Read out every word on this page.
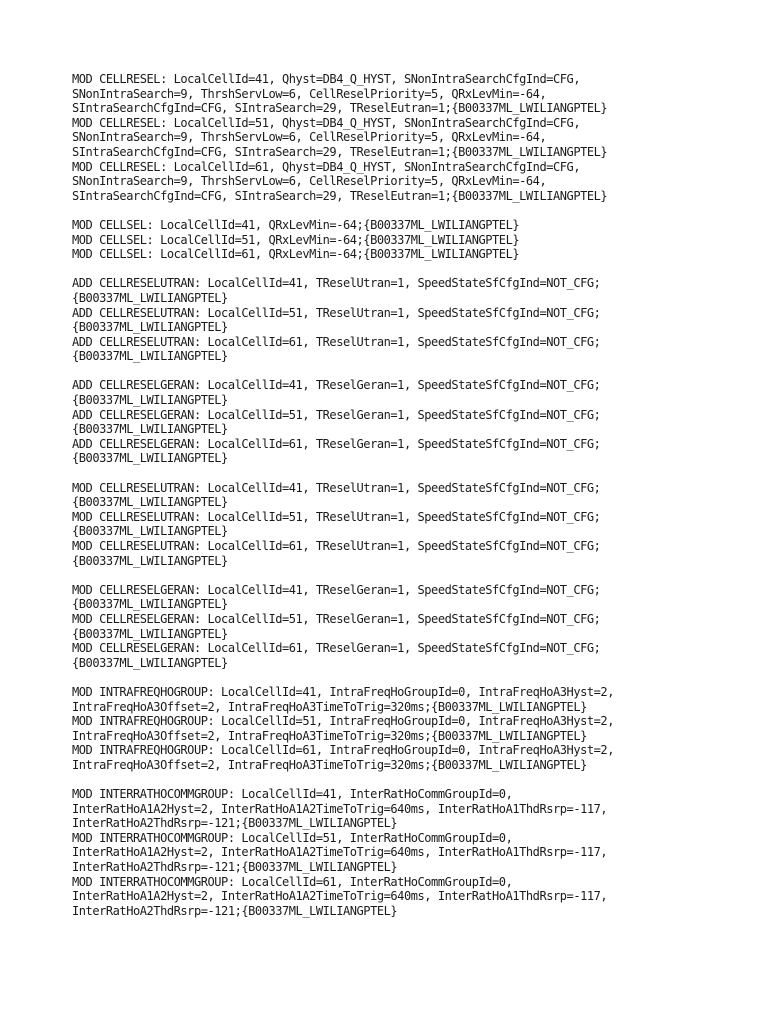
MOD CELLRESEL: LocalCellId=41, Qhyst=DB4_Q_HYST, SNonIntraSearchCfgInd=CFG,
SNonIntraSearch=9, ThrshServLow=6, CellReselPriority=5, QRxLevMin=-64,
SIntraSearchCfgInd=CFG, SIntraSearch=29, TReselEutran=1;{B00337ML_LWILIANGPTEL}
MOD CELLRESEL: LocalCellId=51, Qhyst=DB4_Q_HYST, SNonIntraSearchCfgInd=CFG,
SNonIntraSearch=9, ThrshServLow=6, CellReselPriority=5, QRxLevMin=-64,
SIntraSearchCfgInd=CFG, SIntraSearch=29, TReselEutran=1;{B00337ML_LWILIANGPTEL}
MOD CELLRESEL: LocalCellId=61, Qhyst=DB4_Q_HYST, SNonIntraSearchCfgInd=CFG,
SNonIntraSearch=9, ThrshServLow=6, CellReselPriority=5, QRxLevMin=-64,
SIntraSearchCfgInd=CFG, SIntraSearch=29, TReselEutran=1;{B00337ML_LWILIANGPTEL}
MOD CELLSEL: LocalCellId=41, QRxLevMin=-64;{B00337ML_LWILIANGPTEL}
MOD CELLSEL: LocalCellId=51, QRxLevMin=-64;{B00337ML_LWILIANGPTEL}
MOD CELLSEL: LocalCellId=61, QRxLevMin=-64;{B00337ML_LWILIANGPTEL}
ADD CELLRESELUTRAN: LocalCellId=41, TReselUtran=1, SpeedStateSfCfgInd=NOT_CFG;
{B00337ML_LWILIANGPTEL}
ADD CELLRESELUTRAN: LocalCellId=51, TReselUtran=1, SpeedStateSfCfgInd=NOT_CFG;
{B00337ML_LWILIANGPTEL}
ADD CELLRESELUTRAN: LocalCellId=61, TReselUtran=1, SpeedStateSfCfgInd=NOT_CFG;
{B00337ML_LWILIANGPTEL}
ADD CELLRESELGERAN: LocalCellId=41, TReselGeran=1, SpeedStateSfCfgInd=NOT_CFG;
{B00337ML_LWILIANGPTEL}
ADD CELLRESELGERAN: LocalCellId=51, TReselGeran=1, SpeedStateSfCfgInd=NOT_CFG;
{B00337ML_LWILIANGPTEL}
ADD CELLRESELGERAN: LocalCellId=61, TReselGeran=1, SpeedStateSfCfgInd=NOT_CFG;
{B00337ML_LWILIANGPTEL}
MOD CELLRESELUTRAN: LocalCellId=41, TReselUtran=1, SpeedStateSfCfgInd=NOT_CFG;
{B00337ML_LWILIANGPTEL}
MOD CELLRESELUTRAN: LocalCellId=51, TReselUtran=1, SpeedStateSfCfgInd=NOT_CFG;
{B00337ML_LWILIANGPTEL}
MOD CELLRESELUTRAN: LocalCellId=61, TReselUtran=1, SpeedStateSfCfgInd=NOT_CFG;
{B00337ML_LWILIANGPTEL}
MOD CELLRESELGERAN: LocalCellId=41, TReselGeran=1, SpeedStateSfCfgInd=NOT_CFG;
{B00337ML_LWILIANGPTEL}
MOD CELLRESELGERAN: LocalCellId=51, TReselGeran=1, SpeedStateSfCfgInd=NOT_CFG;
{B00337ML_LWILIANGPTEL}
MOD CELLRESELGERAN: LocalCellId=61, TReselGeran=1, SpeedStateSfCfgInd=NOT_CFG;
{B00337ML_LWILIANGPTEL}
MOD INTRAFREQHOGROUP: LocalCellId=41, IntraFreqHoGroupId=0, IntraFreqHoA3Hyst=2,
IntraFreqHoA3Offset=2, IntraFreqHoA3TimeToTrig=320ms;{B00337ML_LWILIANGPTEL}
MOD INTRAFREQHOGROUP: LocalCellId=51, IntraFreqHoGroupId=0, IntraFreqHoA3Hyst=2,
IntraFreqHoA3Offset=2, IntraFreqHoA3TimeToTrig=320ms;{B00337ML_LWILIANGPTEL}
MOD INTRAFREQHOGROUP: LocalCellId=61, IntraFreqHoGroupId=0, IntraFreqHoA3Hyst=2,
IntraFreqHoA3Offset=2, IntraFreqHoA3TimeToTrig=320ms;{B00337ML_LWILIANGPTEL}
MOD INTERRATHOCOMMGROUP: LocalCellId=41, InterRatHoCommGroupId=0,
InterRatHoA1A2Hyst=2, InterRatHoA1A2TimeToTrig=640ms, InterRatHoA1ThdRsrp=-117,
InterRatHoA2ThdRsrp=-121;{B00337ML_LWILIANGPTEL}
MOD INTERRATHOCOMMGROUP: LocalCellId=51, InterRatHoCommGroupId=0,
InterRatHoA1A2Hyst=2, InterRatHoA1A2TimeToTrig=640ms, InterRatHoA1ThdRsrp=-117,
InterRatHoA2ThdRsrp=-121;{B00337ML_LWILIANGPTEL}
MOD INTERRATHOCOMMGROUP: LocalCellId=61, InterRatHoCommGroupId=0,
InterRatHoA1A2Hyst=2, InterRatHoA1A2TimeToTrig=640ms, InterRatHoA1ThdRsrp=-117,
InterRatHoA2ThdRsrp=-121;{B00337ML_LWILIANGPTEL}
